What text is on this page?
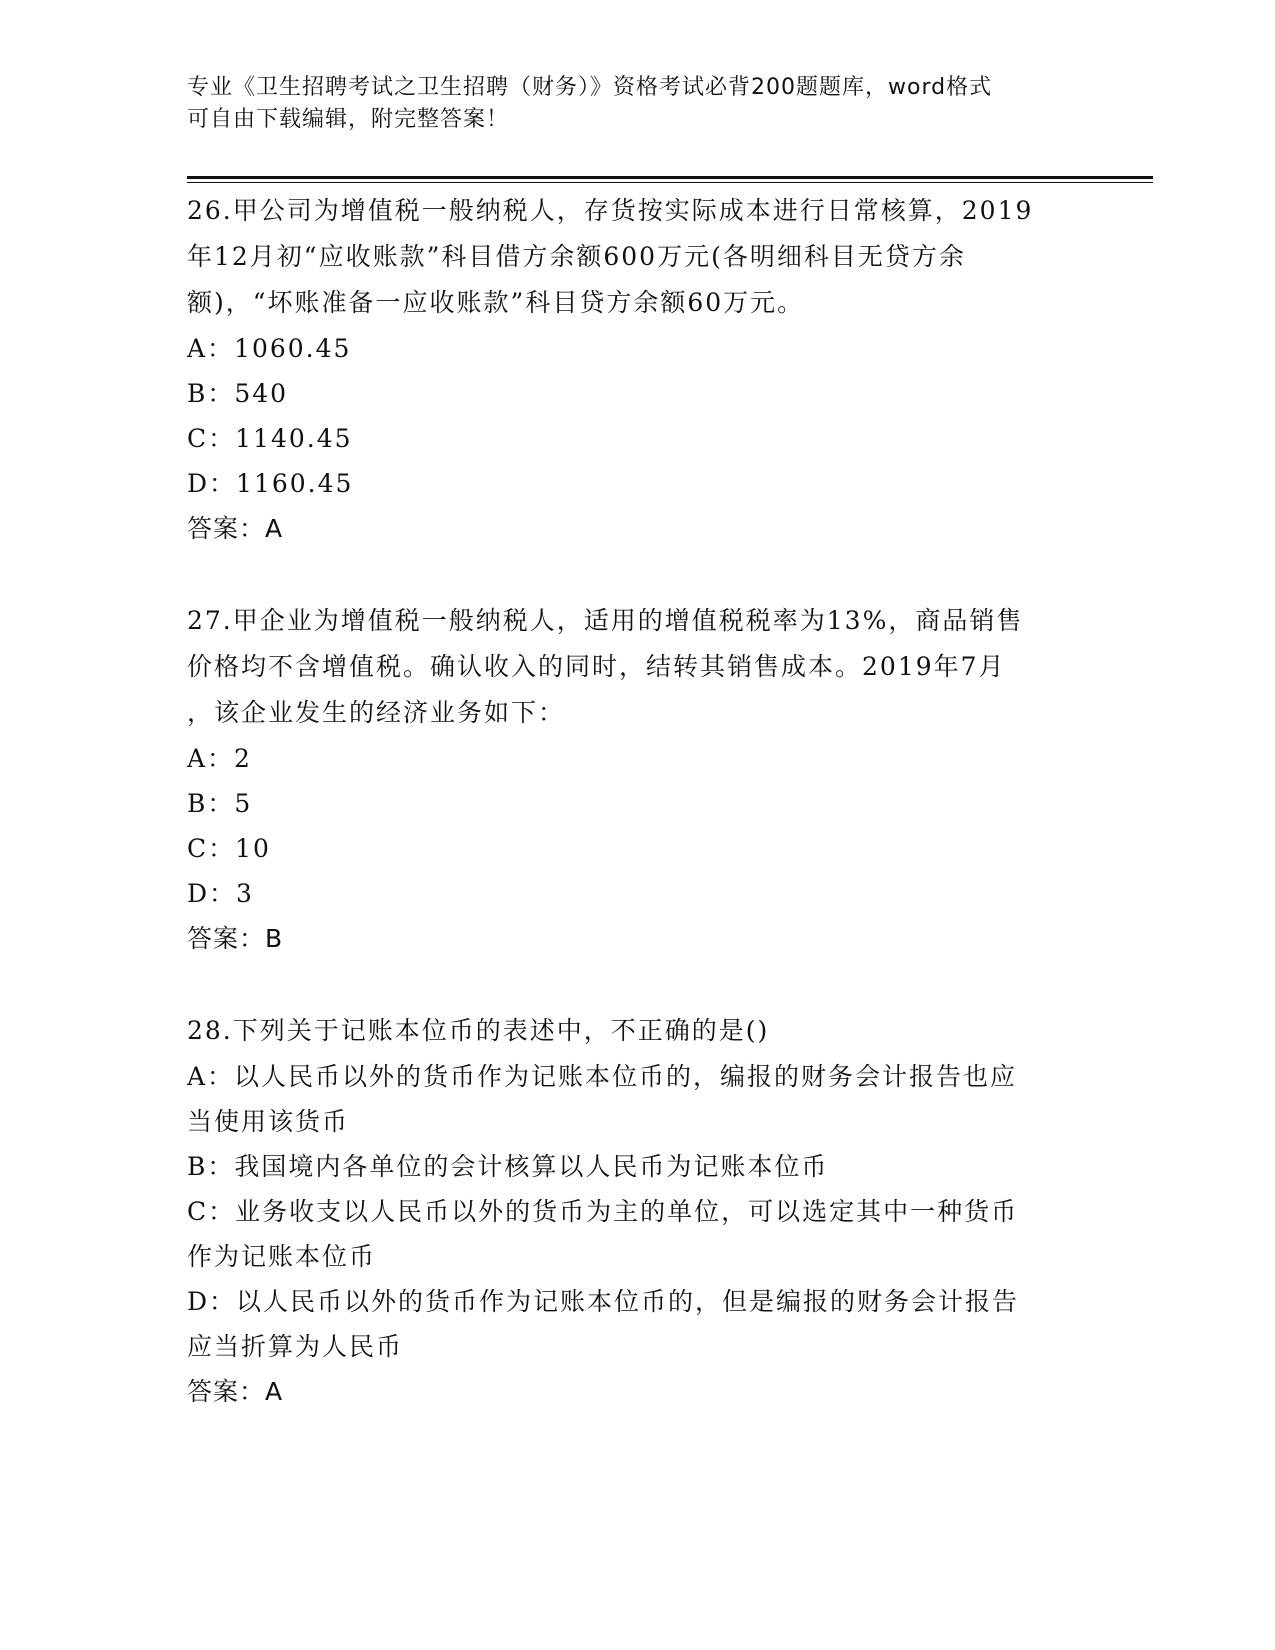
专业《卫生招聘考试之卫生招聘（财务）》资格考试必背200题题库，word格式
可自由下载编辑，附完整答案！
26.甲公司为增值税一般纳税人，存货按实际成本进行日常核算，2019
年12月初“应收账款”科目借方余额600万元(各明细科目无贷方余
额)，“坏账准备一应收账款”科目贷方余额60万元。
A：1060.45
B：540
C：1140.45
D：1160.45
答案：A
27.甲企业为增值税一般纳税人，适用的增值税税率为13%，商品销售
价格均不含增值税。确认收入的同时，结转其销售成本。2019年7月
，该企业发生的经济业务如下：
A：2
B：5
C：10
D：3
答案：B
28.下列关于记账本位币的表述中，不正确的是()
A：以人民币以外的货币作为记账本位币的，编报的财务会计报告也应
当使用该货币
B：我国境内各单位的会计核算以人民币为记账本位币
C：业务收支以人民币以外的货币为主的单位，可以选定其中一种货币
作为记账本位币
D：以人民币以外的货币作为记账本位币的，但是编报的财务会计报告
应当折算为人民币
答案：A
